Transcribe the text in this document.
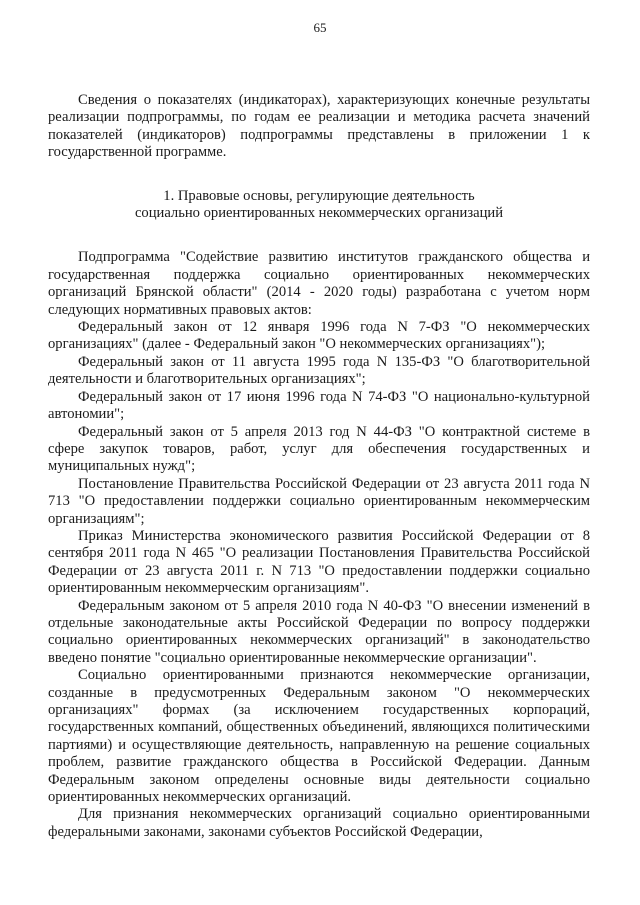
65

Сведения о показателях (индикаторах), характеризующих конечные результаты реализации подпрограммы, по годам ее реализации и методика расчета значений показателей (индикаторов) подпрограммы представлены в приложении 1 к государственной программе.

1. Правовые основы, регулирующие деятельность
социально ориентированных некоммерческих организаций

Подпрограмма "Содействие развитию институтов гражданского общества и государственная поддержка социально ориентированных некоммерческих организаций Брянской области" (2014 - 2020 годы) разработана с учетом норм следующих нормативных правовых актов:

Федеральный закон от 12 января 1996 года N 7-ФЗ "О некоммерческих организациях" (далее - Федеральный закон "О некоммерческих организациях");

Федеральный закон от 11 августа 1995 года N 135-ФЗ "О благотворительной деятельности и благотворительных организациях";

Федеральный закон от 17 июня 1996 года N 74-ФЗ "О национально-культурной автономии";

Федеральный закон от 5 апреля 2013 год N 44-ФЗ "О контрактной системе в сфере закупок товаров, работ, услуг для обеспечения государственных и муниципальных нужд";

Постановление Правительства Российской Федерации от 23 августа 2011 года N 713 "О предоставлении поддержки социально ориентированным некоммерческим организациям";

Приказ Министерства экономического развития Российской Федерации от 8 сентября 2011 года N 465 "О реализации Постановления Правительства Российской Федерации от 23 августа 2011 г. N 713 "О предоставлении поддержки социально ориентированным некоммерческим организациям".

Федеральным законом от 5 апреля 2010 года N 40-ФЗ "О внесении изменений в отдельные законодательные акты Российской Федерации по вопросу поддержки социально ориентированных некоммерческих организаций" в законодательство введено понятие "социально ориентированные некоммерческие организации".

Социально ориентированными признаются некоммерческие организации, созданные в предусмотренных Федеральным законом "О некоммерческих организациях" формах (за исключением государственных корпораций, государственных компаний, общественных объединений, являющихся политическими партиями) и осуществляющие деятельность, направленную на решение социальных проблем, развитие гражданского общества в Российской Федерации. Данным Федеральным законом определены основные виды деятельности социально ориентированных некоммерческих организаций.

Для признания некоммерческих организаций социально ориентированными федеральными законами, законами субъектов Российской Федерации,
